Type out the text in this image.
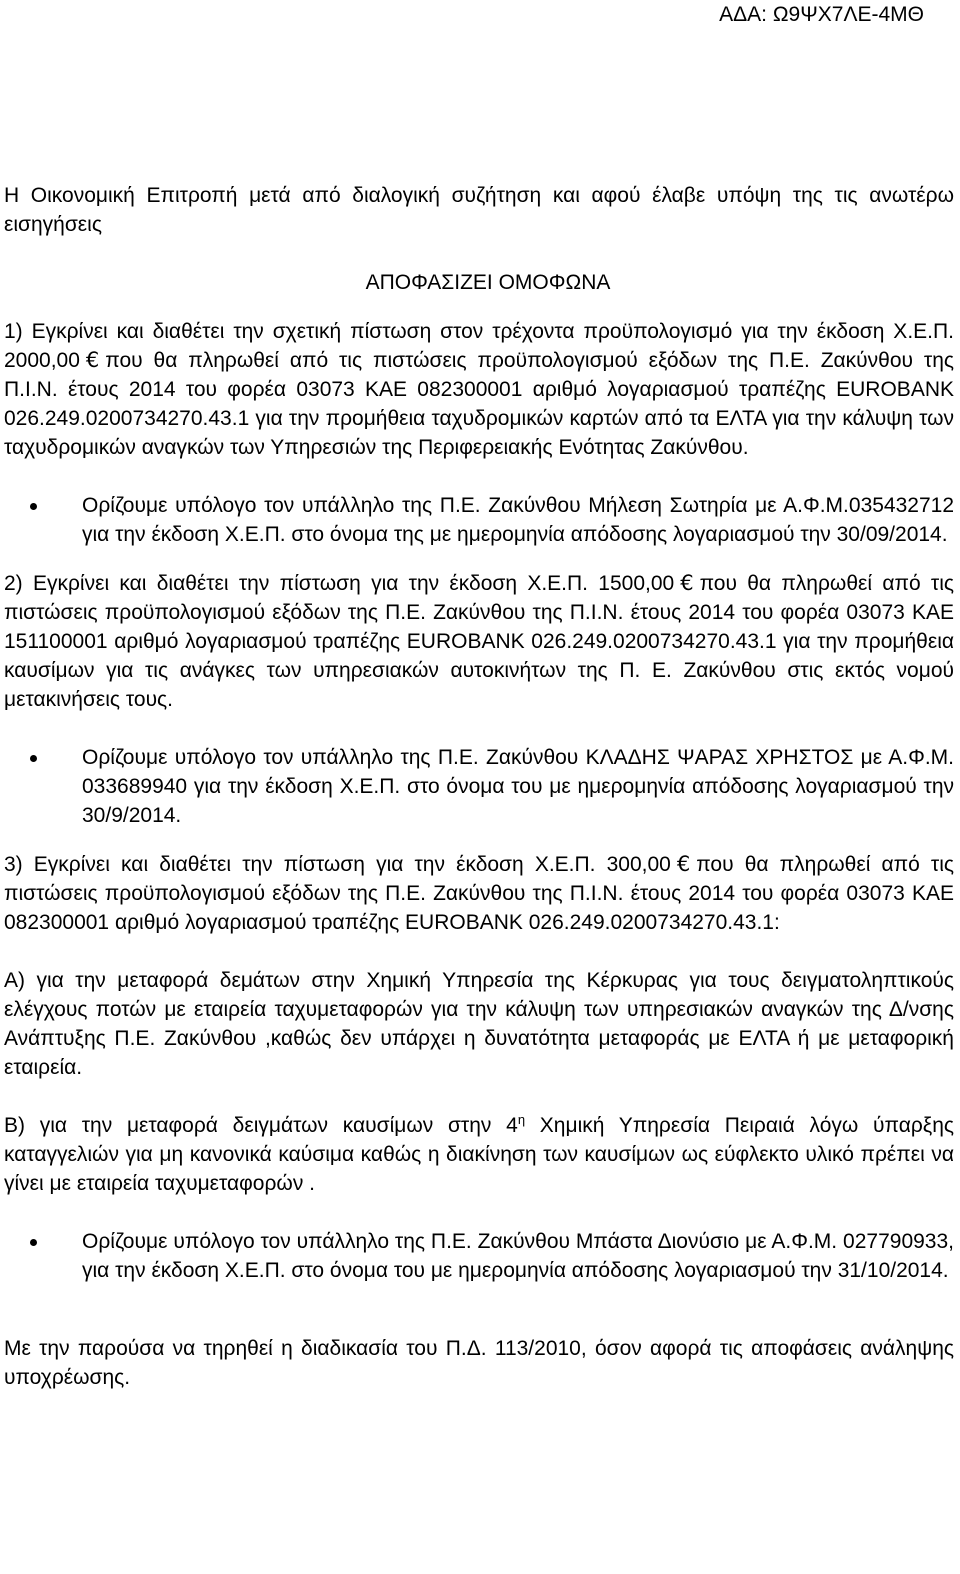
ΑΔΑ: Ω9ΨΧ7ΛΕ-4ΜΘ

Η Οικονομική Επιτροπή μετά από διαλογική συζήτηση και αφού έλαβε υπόψη της τις ανωτέρω εισηγήσεις

ΑΠΟΦΑΣΙΖΕΙ ΟΜΟΦΩΝΑ

1) Εγκρίνει και διαθέτει την σχετική πίστωση στον τρέχοντα προϋπολογισμό για την έκδοση Χ.Ε.Π. 2000,00 € που θα πληρωθεί από τις πιστώσεις προϋπολογισμού εξόδων της Π.Ε. Ζακύνθου της Π.Ι.Ν. έτους 2014 του φορέα 03073 ΚΑΕ 082300001 αριθμό λογαριασμού τραπέζης EUROBANK 026.249.0200734270.43.1 για την προμήθεια ταχυδρομικών καρτών από τα ΕΛΤΑ για την κάλυψη των ταχυδρομικών αναγκών των Υπηρεσιών της Περιφερειακής Ενότητας Ζακύνθου.

Ορίζουμε υπόλογο τον υπάλληλο της Π.Ε. Ζακύνθου Μήλεση Σωτηρία με Α.Φ.Μ.035432712 για την έκδοση Χ.Ε.Π. στο όνομα της με ημερομηνία απόδοσης λογαριασμού την 30/09/2014.

2) Εγκρίνει και διαθέτει την πίστωση για την έκδοση Χ.Ε.Π. 1500,00 € που θα πληρωθεί από τις πιστώσεις προϋπολογισμού εξόδων της Π.Ε. Ζακύνθου της Π.Ι.Ν. έτους 2014 του φορέα 03073 ΚΑΕ 151100001 αριθμό λογαριασμού τραπέζης EUROBANK 026.249.0200734270.43.1 για την προμήθεια καυσίμων για τις ανάγκες των υπηρεσιακών αυτοκινήτων της Π. Ε. Ζακύνθου στις εκτός νομού μετακινήσεις τους.

Ορίζουμε υπόλογο τον υπάλληλο της Π.Ε. Ζακύνθου ΚΛΑΔΗΣ ΨΑΡΑΣ ΧΡΗΣΤΟΣ με Α.Φ.Μ. 033689940 για την έκδοση Χ.Ε.Π. στο όνομα του με ημερομηνία απόδοσης λογαριασμού την 30/9/2014.

3) Εγκρίνει και διαθέτει την πίστωση για την έκδοση Χ.Ε.Π. 300,00 € που θα πληρωθεί από τις πιστώσεις προϋπολογισμού εξόδων της Π.Ε. Ζακύνθου της Π.Ι.Ν. έτους 2014 του φορέα 03073 ΚΑΕ 082300001 αριθμό λογαριασμού τραπέζης EUROBANK 026.249.0200734270.43.1:

Α) για την μεταφορά δεμάτων στην Χημική Υπηρεσία της Κέρκυρας για τους δειγματοληπτικούς ελέγχους ποτών με εταιρεία ταχυμεταφορών για την κάλυψη των υπηρεσιακών αναγκών της Δ/νσης Ανάπτυξης Π.Ε. Ζακύνθου ,καθώς δεν υπάρχει η δυνατότητα μεταφοράς με ΕΛΤΑ ή με μεταφορική εταιρεία.

Β) για την μεταφορά δειγμάτων καυσίμων στην $4^\eta$ Χημική Υπηρεσία Πειραιά λόγω ύπαρξης καταγγελιών για μη κανονικά καύσιμα καθώς η διακίνηση των καυσίμων ως εύφλεκτο υλικό πρέπει να γίνει με εταιρεία ταχυμεταφορών .

Ορίζουμε υπόλογο τον υπάλληλο της Π.Ε. Ζακύνθου Μπάστα Διονύσιο με Α.Φ.Μ. 027790933, για την έκδοση Χ.Ε.Π. στο όνομα του με ημερομηνία απόδοσης λογαριασμού την 31/10/2014.

Με την παρούσα να τηρηθεί η διαδικασία του Π.Δ. 113/2010, όσον αφορά τις αποφάσεις ανάληψης υποχρέωσης.
